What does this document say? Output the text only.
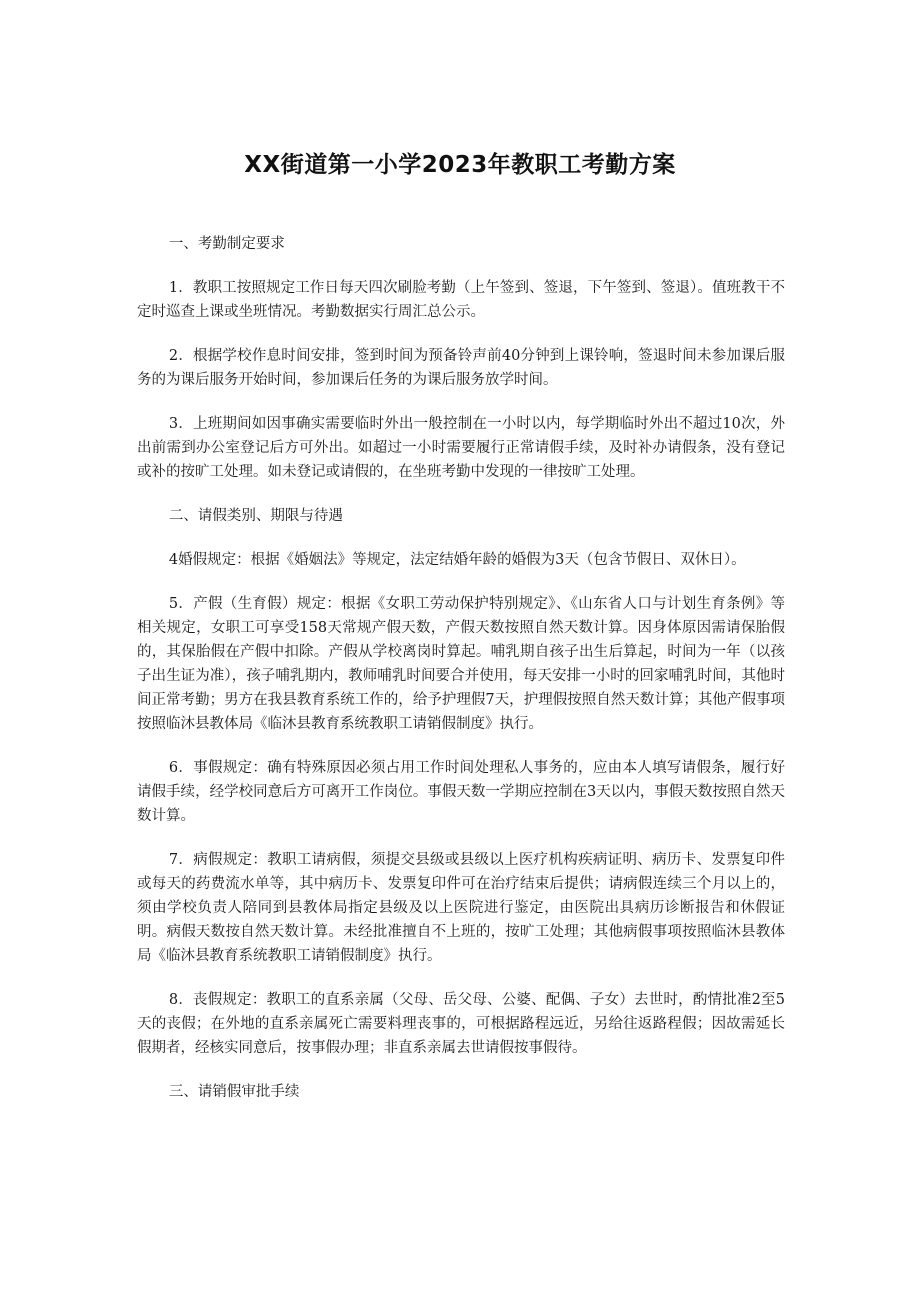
XX街道第一小学2023年教职工考勤方案

一、考勤制定要求

1．教职工按照规定工作日每天四次刷脸考勤（上午签到、签退，下午签到、签退）。值班教干不定时巡查上课或坐班情况。考勤数据实行周汇总公示。

2．根据学校作息时间安排，签到时间为预备铃声前40分钟到上课铃响，签退时间未参加课后服务的为课后服务开始时间，参加课后任务的为课后服务放学时间。

3．上班期间如因事确实需要临时外出一般控制在一小时以内，每学期临时外出不超过10次，外出前需到办公室登记后方可外出。如超过一小时需要履行正常请假手续，及时补办请假条，没有登记或补的按旷工处理。如未登记或请假的，在坐班考勤中发现的一律按旷工处理。

二、请假类别、期限与待遇

4婚假规定：根据《婚姻法》等规定，法定结婚年龄的婚假为3天（包含节假日、双休日）。

5．产假（生育假）规定：根据《女职工劳动保护特别规定》、《山东省人口与计划生育条例》等相关规定，女职工可享受158天常规产假天数，产假天数按照自然天数计算。因身体原因需请保胎假的，其保胎假在产假中扣除。产假从学校离岗时算起。哺乳期自孩子出生后算起，时间为一年（以孩子出生证为准），孩子哺乳期内，教师哺乳时间要合并使用，每天安排一小时的回家哺乳时间，其他时间正常考勤；男方在我县教育系统工作的，给予护理假7天，护理假按照自然天数计算；其他产假事项按照临沐县教体局《临沐县教育系统教职工请销假制度》执行。

6．事假规定：确有特殊原因必须占用工作时间处理私人事务的，应由本人填写请假条，履行好请假手续，经学校同意后方可离开工作岗位。事假天数一学期应控制在3天以内，事假天数按照自然天数计算。

7．病假规定：教职工请病假，须提交县级或县级以上医疗机构疾病证明、病历卡、发票复印件或每天的药费流水单等，其中病历卡、发票复印件可在治疗结束后提供；请病假连续三个月以上的，须由学校负责人陪同到县教体局指定县级及以上医院进行鉴定，由医院出具病历诊断报告和休假证明。病假天数按自然天数计算。未经批准擅自不上班的，按旷工处理；其他病假事项按照临沐县教体局《临沐县教育系统教职工请销假制度》执行。

8．丧假规定：教职工的直系亲属（父母、岳父母、公婆、配偶、子女）去世时，酌情批准2至5天的丧假；在外地的直系亲属死亡需要料理丧事的，可根据路程远近，另给往返路程假；因故需延长假期者，经核实同意后，按事假办理；非直系亲属去世请假按事假待。

三、请销假审批手续
